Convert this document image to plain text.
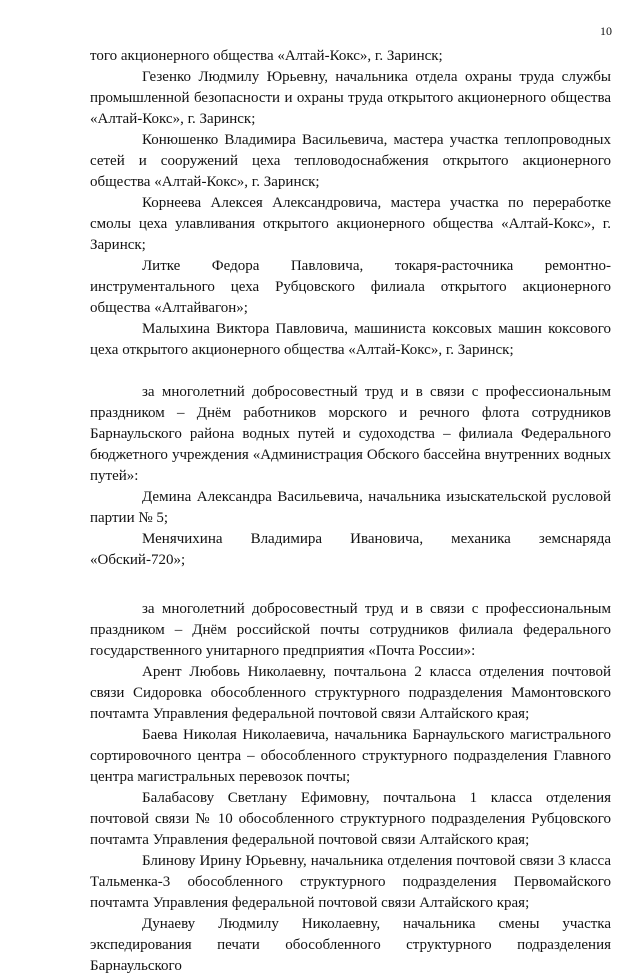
10

того акционерного общества «Алтай-Кокс», г. Заринск;

Гезенко Людмилу Юрьевну, начальника отдела охраны труда службы промышленной безопасности и охраны труда открытого акционерного общества «Алтай-Кокс», г. Заринск;

Конюшенко Владимира Васильевича, мастера участка теплопроводных сетей и сооружений цеха тепловодоснабжения открытого акционерного общества «Алтай-Кокс», г. Заринск;

Корнеева Алексея Александровича, мастера участка по переработке смолы цеха улавливания открытого акционерного общества «Алтай-Кокс», г. Заринск;

Литке Федора Павловича, токаря-расточника ремонтно-инструментального цеха Рубцовского филиала открытого акционерного общества «Алтайвагон»;

Малыхина Виктора Павловича, машиниста коксовых машин коксового цеха открытого акционерного общества «Алтай-Кокс», г. Заринск;

за многолетний добросовестный труд и в связи с профессиональным праздником – Днём работников морского и речного флота сотрудников Барнаульского района водных путей и судоходства – филиала Федерального бюджетного учреждения «Администрация Обского бассейна внутренних водных путей»:

Демина Александра Васильевича, начальника изыскательской русловой партии № 5;

Менячихина Владимира Ивановича, механика земснаряда «Обский-720»;

за многолетний добросовестный труд и в связи с профессиональным праздником – Днём российской почты сотрудников филиала федерального государственного унитарного предприятия «Почта России»:

Арент Любовь Николаевну, почтальона 2 класса отделения почтовой связи Сидоровка обособленного структурного подразделения Мамонтовского почтамта Управления федеральной почтовой связи Алтайского края;

Баева Николая Николаевича, начальника Барнаульского магистрального сортировочного центра – обособленного структурного подразделения Главного центра магистральных перевозок почты;

Балабасову Светлану Ефимовну, почтальона 1 класса отделения почтовой связи № 10 обособленного структурного подразделения Рубцовского почтамта Управления федеральной почтовой связи Алтайского края;

Блинову Ирину Юрьевну, начальника отделения почтовой связи 3 класса Тальменка-3 обособленного структурного подразделения Первомайского почтамта Управления федеральной почтовой связи Алтайского края;

Дунаеву Людмилу Николаевну, начальника смены участка экспедирования печати обособленного структурного подразделения Барнаульского
